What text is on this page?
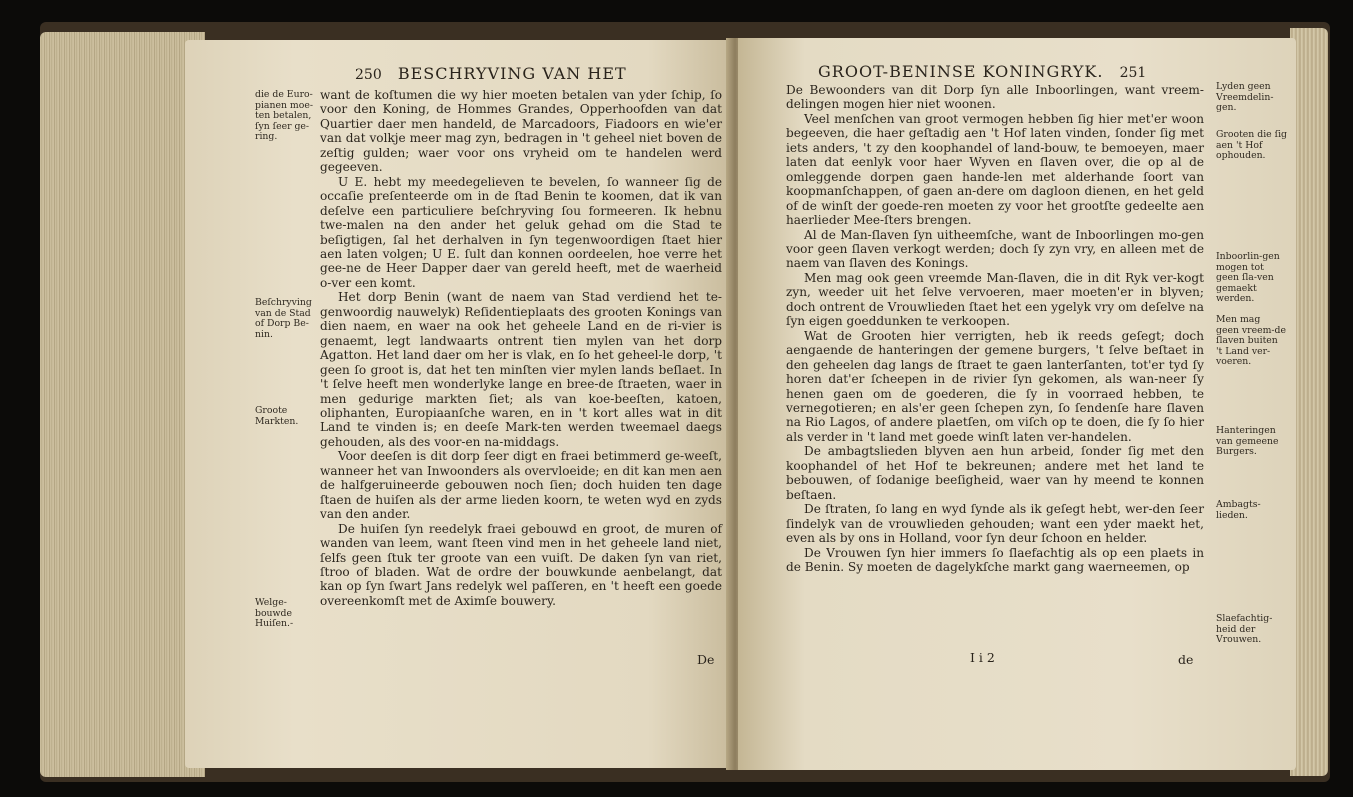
250 BESCHRYVING VAN HET
die de Euro-pianen moe-ten betalen, ſyn ſeer ge-ring.
Beſchryving van de Stad of Dorp Be-nin.
Groote Markten.
Welge-bouwde Huiſen.-

want de koſtumen die wy hier moeten betalen van yder ſchip, ſo voor den Koning, de Hommes Grandes, Opperhoofden van dat Quartier daer men handeld, de Marcadoors, Fiadoors en wie'er van dat volkje meer mag zyn, bedragen in 't geheel niet boven de zeſtig gulden; waer voor ons vryheid om te handelen werd gegeeven.

U E. hebt my meedegelieven te bevelen, ſo wanneer ſig de occaſie preſenteerde om in de ſtad Benin te koomen, dat ik van deſelve een particuliere beſchryving ſou formeeren. Ik hebnu twe-malen na den ander het geluk gehad om die Stad te beſigtigen, ſal het derhalven in ſyn tegenwoordigen ſtaet hier aen laten volgen; U E. ſult dan konnen oordeelen, hoe verre het gee-ne de Heer Dapper daer van gereld heeft, met de waerheid o-ver een komt.

Het dorp Benin (want de naem van Stad verdiend het te-genwoordig nauwelyk) Reſidentieplaats des grooten Konings van dien naem, en waer na ook het geheele Land en de ri-vier is genaemt, legt landwaarts ontrent tien mylen van het dorp Agatton. Het land daer om her is vlak, en ſo het geheel-le dorp, 't geen ſo groot is, dat het ten minſten vier mylen lands beſlaet. In 't ſelve heeft men wonderlyke lange en bree-de ſtraeten, waer in men gedurige markten ſiet; als van koe-beeſten, katoen, oliphanten, Europiaanſche waren, en in 't kort alles wat in dit Land te vinden is; en deeſe Mark-ten werden tweemael daegs gehouden, als des voor-en na-middags.

Voor deeſen is dit dorp ſeer digt en fraei betimmerd ge-weeſt, wanneer het van Inwoonders als overvloeide; en dit kan men aen de halfgeruineerde gebouwen noch ſien; doch huiden ten dage ſtaen de huiſen als der arme lieden koorn, te weten wyd en zyds van den ander.

De huiſen ſyn reedelyk fraei gebouwd en groot, de muren of wanden van leem, want ſteen vind men in het geheele land niet, ſelfs geen ſtuk ter groote van een vuiſt. De daken ſyn van riet, ſtroo of bladen. Wat de ordre der bouwkunde aenbelangt, dat kan op ſyn ſwart Jans redelyk wel paſſeren, en 't heeft een goede overeenkomſt met de Aximſe bouwery.

De
GROOT-BENINSE KONINGRYK. 251

De Bewoonders van dit Dorp ſyn alle Inboorlingen, want vreem-delingen mogen hier niet woonen.

Veel menſchen van groot vermogen hebben ſig hier met'er woon begeeven, die haer geſtadig aen 't Hof laten vinden, ſonder ſig met iets anders, 't zy den koophandel of land-bouw, te bemoeyen, maer laten dat eenlyk voor haer Wyven en ſlaven over, die op al de omleggende dorpen gaen hande-len met alderhande ſoort van koopmanſchappen, of gaen an-dere om dagloon dienen, en het geld of de winſt der goede-ren moeten zy voor het grootſte gedeelte aen haerlieder Mee-ſters brengen.

Al de Man-ſlaven ſyn uitheemſche, want de Inboorlingen mo-gen voor geen ſlaven verkogt werden; doch ſy zyn vry, en alleen met de naem van ſlaven des Konings.

Men mag ook geen vreemde Man-ſlaven, die in dit Ryk ver-kogt zyn, weeder uit het ſelve vervoeren, maer moeten'er in blyven; doch ontrent de Vrouwlieden ſtaet het een ygelyk vry om deſelve na ſyn eigen goeddunken te verkoopen.

Wat de Grooten hier verrigten, heb ik reeds geſegt; doch aengaende de hanteringen der gemene burgers, 't ſelve beſtaet in den geheelen dag langs de ſtraet te gaen lanterſanten, tot'er tyd ſy horen dat'er ſcheepen in de rivier ſyn gekomen, als wan-neer ſy henen gaen om de goederen, die ſy in voorraed hebben, te vernegotieren; en als'er geen ſchepen zyn, ſo ſendenſe hare ſlaven na Rio Lagos, of andere plaetſen, om viſch op te doen, die ſy ſo hier als verder in 't land met goede winſt laten ver-handelen.

De ambagtslieden blyven aen hun arbeid, ſonder ſig met den koophandel of het Hof te bekreunen; andere met het land te bebouwen, of ſodanige beeſigheid, waer van hy meend te konnen beſtaen.

De ſtraten, ſo lang en wyd ſynde als ik geſegt hebt, wer-den ſeer ſindelyk van de vrouwlieden gehouden; want een yder maekt het, even als by ons in Holland, voor ſyn deur ſchoon en helder.

De Vrouwen ſyn hier immers ſo ſlaefachtig als op een plaets in de Benin. Sy moeten de dagelykſche markt gang waerneemen, op

Lyden geen Vreemdelin-gen.
Grooten die ſig aen 't Hof ophouden.
Inboorlin-gen mogen tot geen ſla-ven gemaekt werden.
Men mag geen vreem-de ſlaven buiten 't Land ver-voeren.
Hanteringen van gemeene Burgers.
Ambagts-lieden.
Slaefachtig-heid der Vrouwen.
I i 2	de
